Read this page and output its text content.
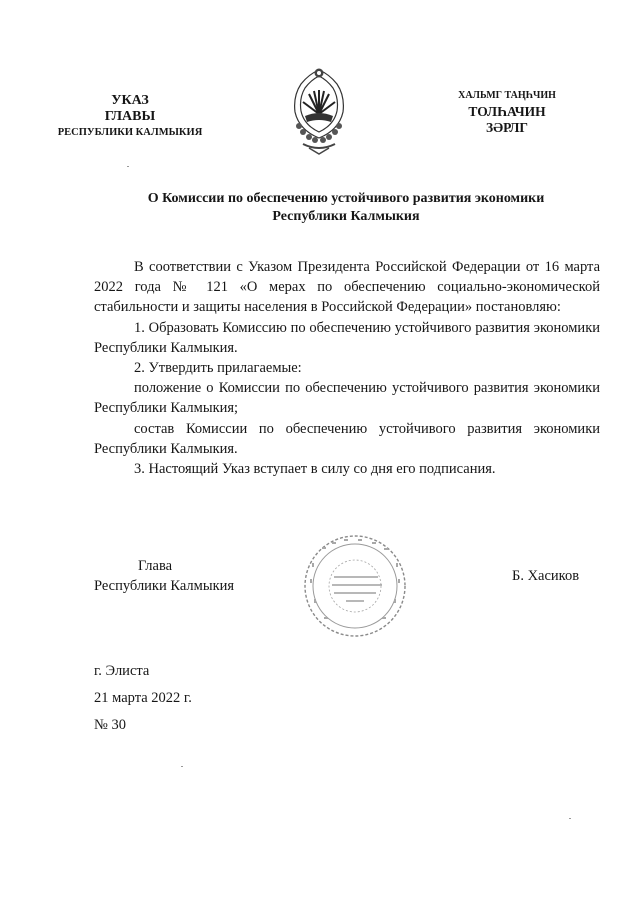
УКАЗ
ГЛАВЫ
РЕСПУБЛИКИ КАЛМЫКИЯ
ХАЛЬМГ ТАҢҺЧИН
ТОЛҺАЧИН
ЗӘРЛГ
О Комиссии по обеспечению устойчивого развития экономики
Республики Калмыкия

В соответствии с Указом Президента Российской Федерации от 16 марта 2022 года № 121 «О мерах по обеспечению социально-экономической стабильности и защиты населения в Российской Федерации» постановляю:

1. Образовать Комиссию по обеспечению устойчивого развития экономики Республики Калмыкия.

2. Утвердить прилагаемые:

положение о Комиссии по обеспечению устойчивого развития экономики Республики Калмыкия;

состав Комиссии по обеспечению устойчивого развития экономики Республики Калмыкия.

3. Настоящий Указ вступает в силу со дня его подписания.

Глава
Республики Калмыкия
Б. Хасиков
г. Элиста
21 марта 2022 г.
№ 30
